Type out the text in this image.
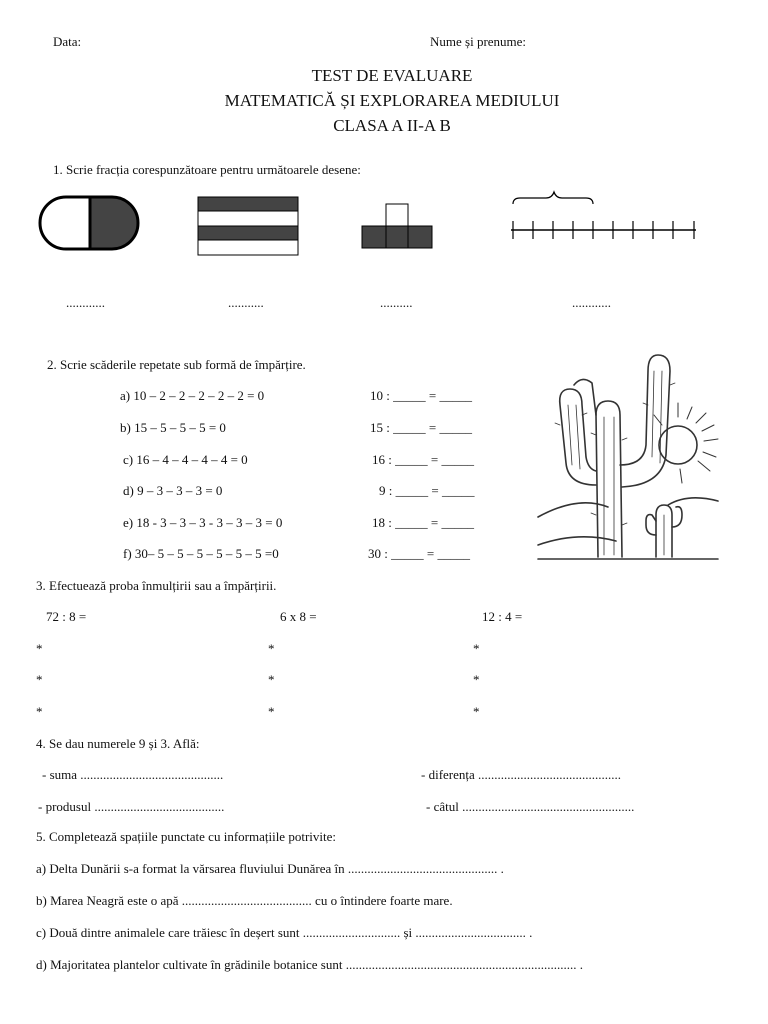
Data:	Nume și prenume:
TEST DE EVALUARE
MATEMATICĂ ȘI EXPLORAREA MEDIULUI
CLASA A II-A B
1. Scrie fracția corespunzătoare pentru următoarele desene:
............	...........	..........	............
2. Scrie scăderile repetate sub formă de împărțire.
a) 10 – 2 – 2 – 2 – 2 – 2 = 0	10 : _____ = _____
b) 15 – 5 – 5 – 5 = 0	15 : _____ = _____
c) 16 – 4 – 4 – 4 – 4 = 0	16 : _____ = _____
d) 9 – 3 – 3 – 3 = 0	9 : _____ = _____
e) 18 - 3 – 3 – 3 - 3 – 3 – 3 = 0	18 : _____ = _____
f) 30– 5 – 5 – 5 – 5 – 5 – 5 =0	30 : _____ = _____
3. Efectuează proba înmulțirii sau a împărțirii.
72 : 8 =	6 x 8 =	12 : 4 =
*	*	*
*	*	*
*	*	*
4. Se dau numerele 9 și 3. Află:
- suma ............................................	- diferența ............................................
- produsul ........................................	- câtul .....................................................
5. Completează spațiile punctate cu informațiile potrivite:
a) Delta Dunării s-a format la vărsarea fluviului Dunărea în .............................................. .
b) Marea Neagră este o apă ........................................ cu o întindere foarte mare.
c) Două dintre animalele care trăiesc în deșert sunt .............................. și .................................. .
d) Majoritatea plantelor cultivate în grădinile botanice sunt ....................................................................... .
